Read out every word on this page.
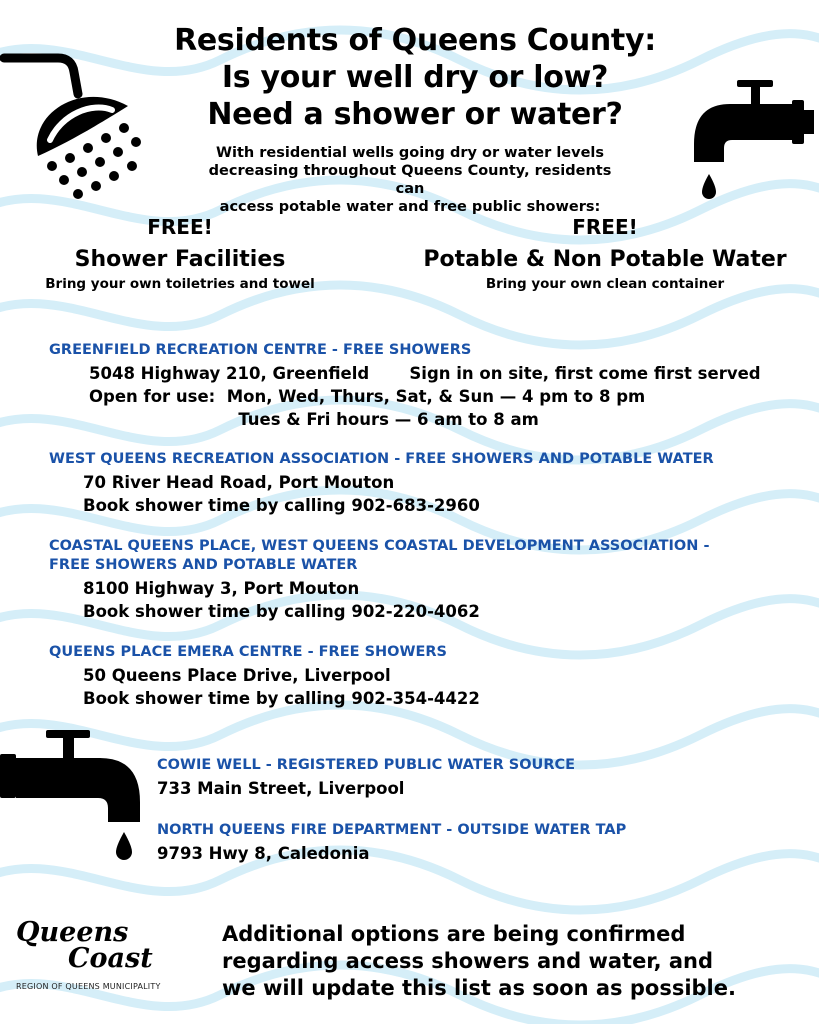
Residents of Queens County:
Is your well dry or low?
Need a shower or water?
With residential wells going dry or water levels
decreasing throughout Queens County, residents can
access potable water and free public showers:
FREE!
Shower Facilities
Bring your own toiletries and towel
FREE!
Potable & Non Potable Water
Bring your own clean container
GREENFIELD RECREATION CENTRE - FREE SHOWERS
5048 Highway 210, Greenfield       Sign in on site, first come first served
Open for use:  Mon, Wed, Thurs, Sat, & Sun — 4 pm to 8 pm
Tues & Fri hours — 6 am to 8 am
WEST QUEENS RECREATION ASSOCIATION - FREE SHOWERS AND POTABLE WATER
70 River Head Road, Port Mouton
Book shower time by calling 902-683-2960
COASTAL QUEENS PLACE, WEST QUEENS COASTAL DEVELOPMENT ASSOCIATION -
FREE SHOWERS AND POTABLE WATER
8100 Highway 3, Port Mouton
Book shower time by calling 902-220-4062
QUEENS PLACE EMERA CENTRE - FREE SHOWERS
50 Queens Place Drive, Liverpool
Book shower time by calling 902-354-4422
COWIE WELL - REGISTERED PUBLIC WATER SOURCE
733 Main Street, Liverpool
NORTH QUEENS FIRE DEPARTMENT - OUTSIDE WATER TAP
9793 Hwy 8, Caledonia
Queens
Coast
REGION OF QUEENS MUNICIPALITY
Additional options are being confirmed
regarding access showers and water, and
we will update this list as soon as possible.
